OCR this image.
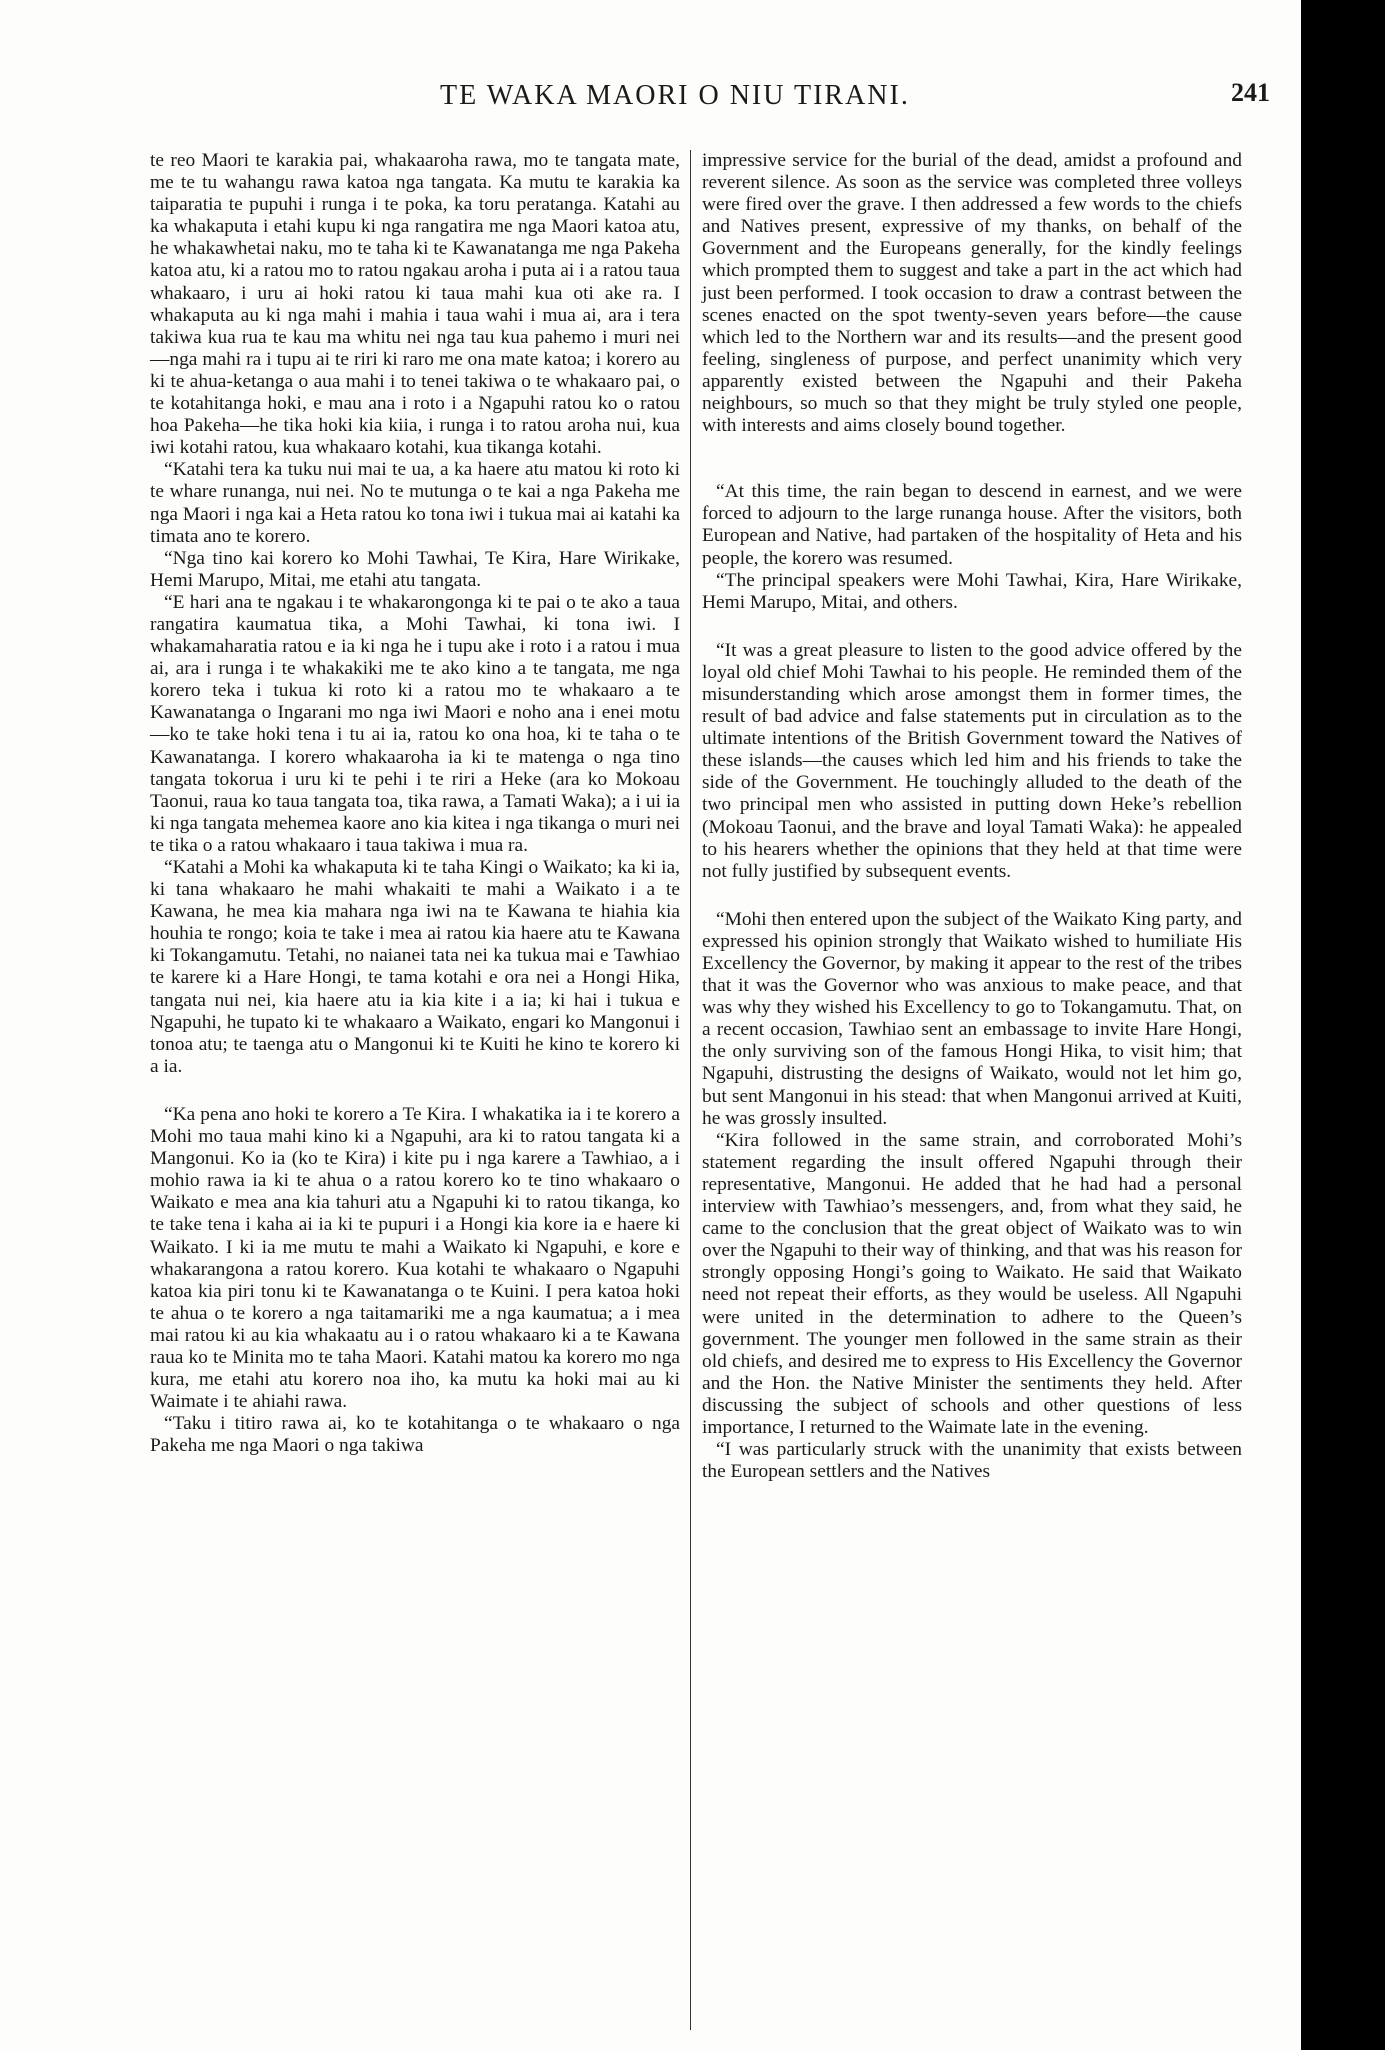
TE WAKA MAORI O NIU TIRANI.	241

te reo Maori te karakia pai, whakaaroha rawa, mo te tangata mate, me te tu wahangu rawa katoa nga tangata. Ka mutu te karakia ka taiparatia te pupuhi i runga i te poka, ka toru peratanga. Katahi au ka whakaputa i etahi kupu ki nga rangatira me nga Maori katoa atu, he whakawhetai naku, mo te taha ki te Kawanatanga me nga Pakeha katoa atu, ki a ratou mo to ratou ngakau aroha i puta ai i a ratou taua whakaaro, i uru ai hoki ratou ki taua mahi kua oti ake ra. I whakaputa au ki nga mahi i mahia i taua wahi i mua ai, ara i tera takiwa kua rua te kau ma whitu nei nga tau kua pahemo i muri nei —nga mahi ra i tupu ai te riri ki raro me ona mate katoa; i korero au ki te ahua-ketanga o aua mahi i to tenei takiwa o te whakaaro pai, o te kotahitanga hoki, e mau ana i roto i a Ngapuhi ratou ko o ratou hoa Pakeha—he tika hoki kia kiia, i runga i to ratou aroha nui, kua iwi kotahi ratou, kua whakaaro kotahi, kua tikanga kotahi.

“Katahi tera ka tuku nui mai te ua, a ka haere atu matou ki roto ki te whare runanga, nui nei. No te mutunga o te kai a nga Pakeha me nga Maori i nga kai a Heta ratou ko tona iwi i tukua mai ai katahi ka timata ano te korero.

“Nga tino kai korero ko Mohi Tawhai, Te Kira, Hare Wirikake, Hemi Marupo, Mitai, me etahi atu tangata.

“E hari ana te ngakau i te whakarongonga ki te pai o te ako a taua rangatira kaumatua tika, a Mohi Tawhai, ki tona iwi. I whakamaharatia ratou e ia ki nga he i tupu ake i roto i a ratou i mua ai, ara i runga i te whakakiki me te ako kino a te tangata, me nga korero teka i tukua ki roto ki a ratou mo te whakaaro a te Kawanatanga o Ingarani mo nga iwi Maori e noho ana i enei motu—ko te take hoki tena i tu ai ia, ratou ko ona hoa, ki te taha o te Kawanatanga. I korero whakaaroha ia ki te matenga o nga tino tangata tokorua i uru ki te pehi i te riri a Heke (ara ko Mokoau Taonui, raua ko taua tangata toa, tika rawa, a Tamati Waka); a i ui ia ki nga tangata mehemea kaore ano kia kitea i nga tikanga o muri nei te tika o a ratou whakaaro i taua takiwa i mua ra.

“Katahi a Mohi ka whakaputa ki te taha Kingi o Waikato; ka ki ia, ki tana whakaaro he mahi whakaiti te mahi a Waikato i a te Kawana, he mea kia mahara nga iwi na te Kawana te hiahia kia houhia te rongo; koia te take i mea ai ratou kia haere atu te Kawana ki Tokangamutu. Tetahi, no naianei tata nei ka tukua mai e Tawhiao te karere ki a Hare Hongi, te tama kotahi e ora nei a Hongi Hika, tangata nui nei, kia haere atu ia kia kite i a ia; ki hai i tukua e Ngapuhi, he tupato ki te whakaaro a Waikato, engari ko Mangonui i tonoa atu; te taenga atu o Mangonui ki te Kuiti he kino te korero ki a ia.

“Ka pena ano hoki te korero a Te Kira. I whakatika ia i te korero a Mohi mo taua mahi kino ki a Ngapuhi, ara ki to ratou tangata ki a Mangonui. Ko ia (ko te Kira) i kite pu i nga karere a Tawhiao, a i mohio rawa ia ki te ahua o a ratou korero ko te tino whakaaro o Waikato e mea ana kia tahuri atu a Ngapuhi ki to ratou tikanga, ko te take tena i kaha ai ia ki te pupuri i a Hongi kia kore ia e haere ki Waikato. I ki ia me mutu te mahi a Waikato ki Ngapuhi, e kore e whakarangona a ratou korero. Kua kotahi te whakaaro o Ngapuhi katoa kia piri tonu ki te Kawanatanga o te Kuini. I pera katoa hoki te ahua o te korero a nga taitamariki me a nga kaumatua; a i mea mai ratou ki au kia whakaatu au i o ratou whakaaro ki a te Kawana raua ko te Minita mo te taha Maori. Katahi matou ka korero mo nga kura, me etahi atu korero noa iho, ka mutu ka hoki mai au ki Waimate i te ahiahi rawa.

“Taku i titiro rawa ai, ko te kotahitanga o te whakaaro o nga Pakeha me nga Maori o nga takiwa

impressive service for the burial of the dead, amidst a profound and reverent silence. As soon as the service was completed three volleys were fired over the grave. I then addressed a few words to the chiefs and Natives present, expressive of my thanks, on behalf of the Government and the Europeans generally, for the kindly feelings which prompted them to suggest and take a part in the act which had just been performed. I took occasion to draw a contrast between the scenes enacted on the spot twenty-seven years before—the cause which led to the Northern war and its results—and the present good feeling, singleness of purpose, and perfect unanimity which very apparently existed between the Ngapuhi and their Pakeha neighbours, so much so that they might be truly styled one people, with interests and aims closely bound together.

“At this time, the rain began to descend in earnest, and we were forced to adjourn to the large runanga house. After the visitors, both European and Native, had partaken of the hospitality of Heta and his people, the korero was resumed.

“The principal speakers were Mohi Tawhai, Kira, Hare Wirikake, Hemi Marupo, Mitai, and others.

“It was a great pleasure to listen to the good advice offered by the loyal old chief Mohi Tawhai to his people. He reminded them of the misunderstanding which arose amongst them in former times, the result of bad advice and false statements put in circulation as to the ultimate intentions of the British Government toward the Natives of these islands—the causes which led him and his friends to take the side of the Government. He touchingly alluded to the death of the two principal men who assisted in putting down Heke’s rebellion (Mokoau Taonui, and the brave and loyal Tamati Waka): he appealed to his hearers whether the opinions that they held at that time were not fully justified by subsequent events.

“Mohi then entered upon the subject of the Waikato King party, and expressed his opinion strongly that Waikato wished to humiliate His Excellency the Governor, by making it appear to the rest of the tribes that it was the Governor who was anxious to make peace, and that was why they wished his Excellency to go to Tokangamutu. That, on a recent occasion, Tawhiao sent an embassage to invite Hare Hongi, the only surviving son of the famous Hongi Hika, to visit him; that Ngapuhi, distrusting the designs of Waikato, would not let him go, but sent Mangonui in his stead: that when Mangonui arrived at Kuiti, he was grossly insulted.

“Kira followed in the same strain, and corroborated Mohi’s statement regarding the insult offered Ngapuhi through their representative, Mangonui. He added that he had had a personal interview with Tawhiao’s messengers, and, from what they said, he came to the conclusion that the great object of Waikato was to win over the Ngapuhi to their way of thinking, and that was his reason for strongly opposing Hongi’s going to Waikato. He said that Waikato need not repeat their efforts, as they would be useless. All Ngapuhi were united in the determination to adhere to the Queen’s government. The younger men followed in the same strain as their old chiefs, and desired me to express to His Excellency the Governor and the Hon. the Native Minister the sentiments they held. After discussing the subject of schools and other questions of less importance, I returned to the Waimate late in the evening.

“I was particularly struck with the unanimity that exists between the European settlers and the Natives
